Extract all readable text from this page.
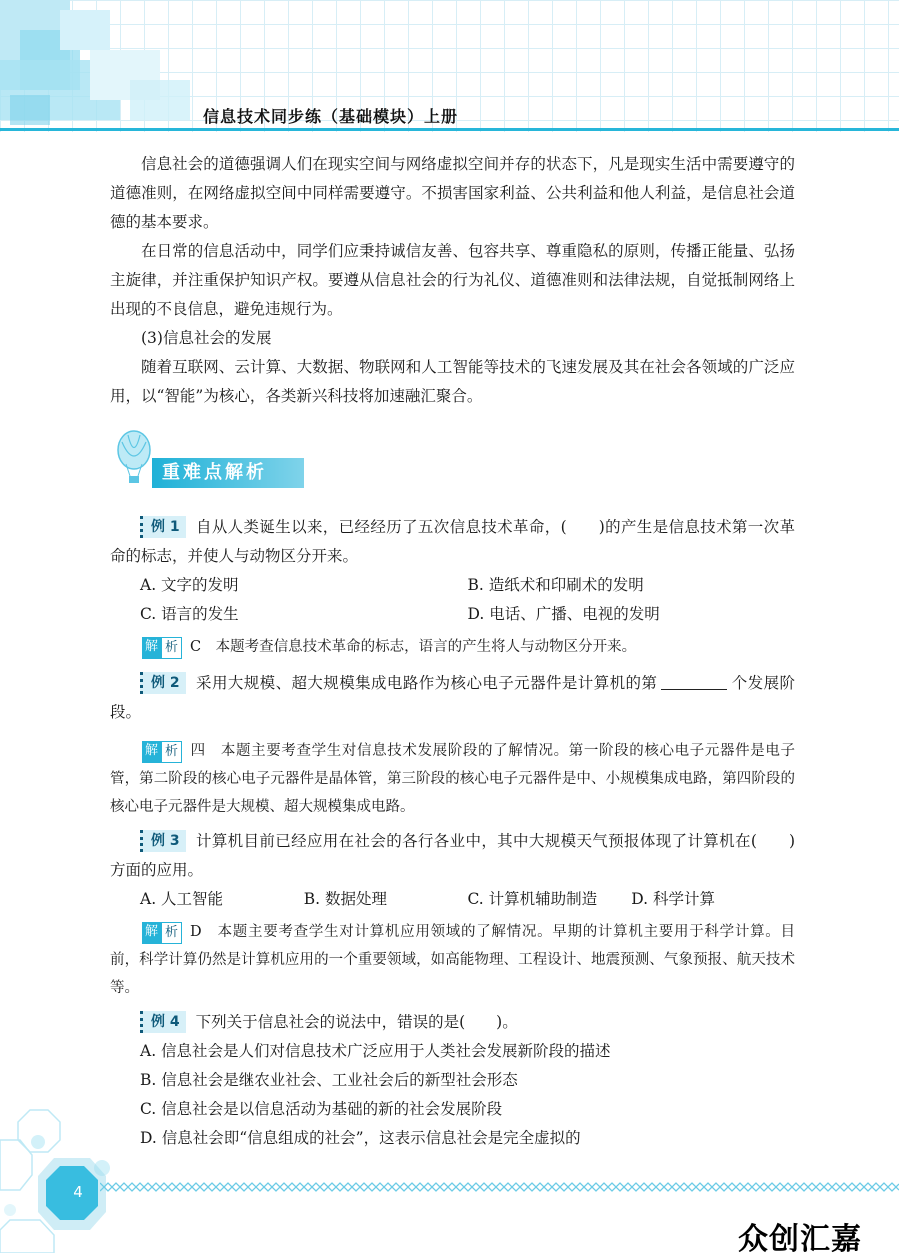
信息技术同步练（基础模块）上册

信息社会的道德强调人们在现实空间与网络虚拟空间并存的状态下，凡是现实生活中需要遵守的道德准则，在网络虚拟空间中同样需要遵守。不损害国家利益、公共利益和他人利益，是信息社会道德的基本要求。

在日常的信息活动中，同学们应秉持诚信友善、包容共享、尊重隐私的原则，传播正能量、弘扬主旋律，并注重保护知识产权。要遵从信息社会的行为礼仪、道德准则和法律法规，自觉抵制网络上出现的不良信息，避免违规行为。

(3)信息社会的发展

随着互联网、云计算、大数据、物联网和人工智能等技术的飞速发展及其在社会各领域的广泛应用，以“智能”为核心，各类新兴科技将加速融汇聚合。

重难点解析
例 1 自从人类诞生以来，已经经历了五次信息技术革命，(　　)的产生是信息技术第一次革命的标志，并使人与动物区分开来。
A. 文字的发明	B. 造纸术和印刷术的发明
C. 语言的发生	D. 电话、广播、电视的发明
解 析 C　本题考查信息技术革命的标志，语言的产生将人与动物区分开来。
例 2 采用大规模、超大规模集成电路作为核心电子元器件是计算机的第	个发展阶段。
解 析 四　本题主要考查学生对信息技术发展阶段的了解情况。第一阶段的核心电子元器件是电子管，第二阶段的核心电子元器件是晶体管，第三阶段的核心电子元器件是中、小规模集成电路，第四阶段的核心电子元器件是大规模、超大规模集成电路。
例 3 计算机目前已经应用在社会的各行各业中，其中大规模天气预报体现了计算机在(　　)方面的应用。
A. 人工智能	B. 数据处理	C. 计算机辅助制造	D. 科学计算
解 析 D　本题主要考查学生对计算机应用领域的了解情况。早期的计算机主要用于科学计算。目前，科学计算仍然是计算机应用的一个重要领域，如高能物理、工程设计、地震预测、气象预报、航天技术等。
例 4 下列关于信息社会的说法中，错误的是(　　)。
A. 信息社会是人们对信息技术广泛应用于人类社会发展新阶段的描述
B. 信息社会是继农业社会、工业社会后的新型社会形态
C. 信息社会是以信息活动为基础的新的社会发展阶段
D. 信息社会即“信息组成的社会”，这表示信息社会是完全虚拟的
4
众创汇嘉
